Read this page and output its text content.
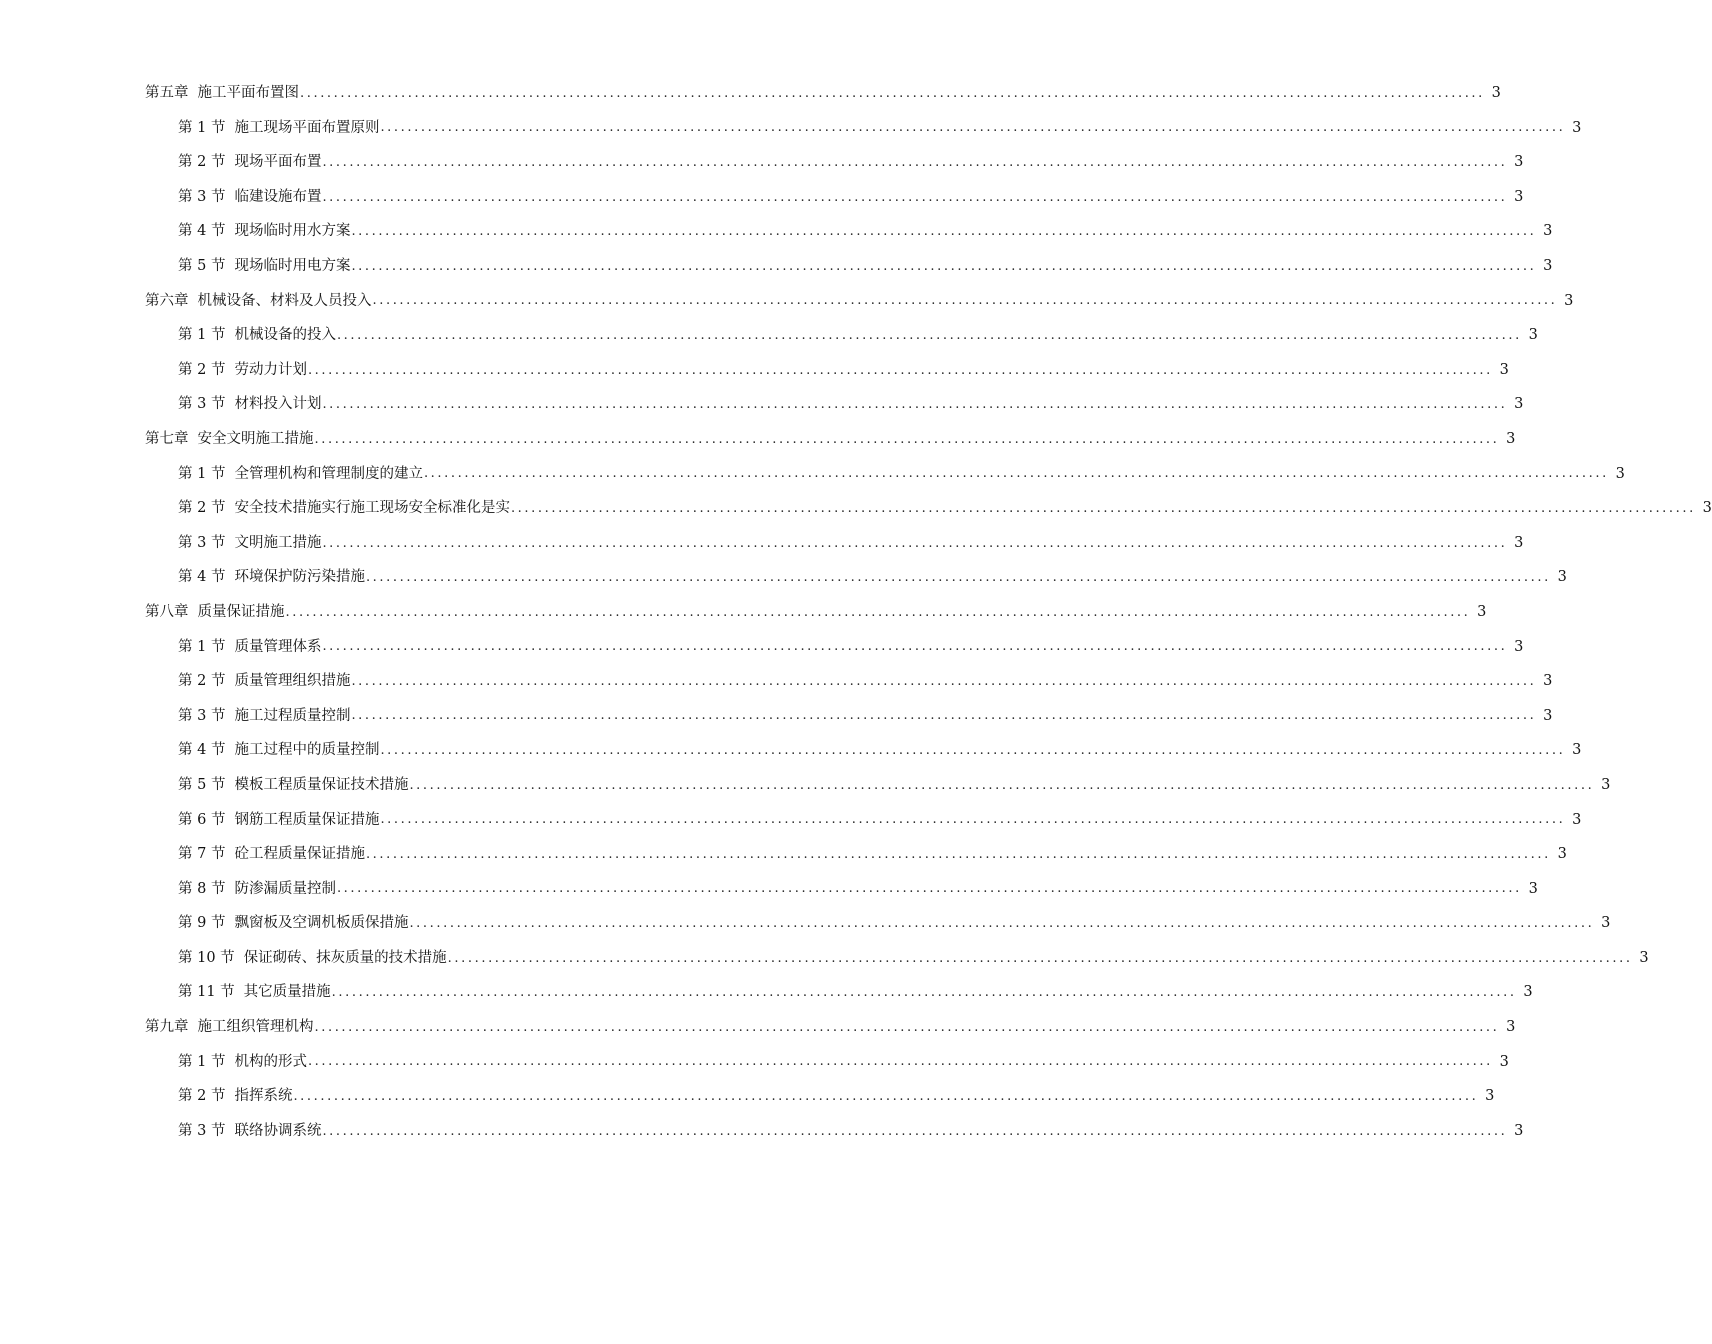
第五章 施工平面布置图 ................................................................................................................................................................................ 3
第 1 节 施工现场平面布置原则 ................................................................................................................................................................................ 3
第 2 节 现场平面布置 ................................................................................................................................................................................ 3
第 3 节 临建设施布置 ................................................................................................................................................................................ 3
第 4 节 现场临时用水方案 ................................................................................................................................................................................ 3
第 5 节 现场临时用电方案 ................................................................................................................................................................................ 3
第六章 机械设备、材料及人员投入 ................................................................................................................................................................................ 3
第 1 节 机械设备的投入 ................................................................................................................................................................................ 3
第 2 节 劳动力计划 ................................................................................................................................................................................ 3
第 3 节 材料投入计划 ................................................................................................................................................................................ 3
第七章 安全文明施工措施 ................................................................................................................................................................................ 3
第 1 节 全管理机构和管理制度的建立 ................................................................................................................................................................................ 3
第 2 节 安全技术措施实行施工现场安全标准化是实 ................................................................................................................................................................................ 3
第 3 节 文明施工措施 ................................................................................................................................................................................ 3
第 4 节 环境保护防污染措施 ................................................................................................................................................................................ 3
第八章 质量保证措施 ................................................................................................................................................................................ 3
第 1 节 质量管理体系 ................................................................................................................................................................................ 3
第 2 节 质量管理组织措施 ................................................................................................................................................................................ 3
第 3 节 施工过程质量控制 ................................................................................................................................................................................ 3
第 4 节 施工过程中的质量控制 ................................................................................................................................................................................ 3
第 5 节 模板工程质量保证技术措施 ................................................................................................................................................................................ 3
第 6 节 钢筋工程质量保证措施 ................................................................................................................................................................................ 3
第 7 节 砼工程质量保证措施 ................................................................................................................................................................................ 3
第 8 节 防渗漏质量控制 ................................................................................................................................................................................ 3
第 9 节 飘窗板及空调机板质保措施 ................................................................................................................................................................................ 3
第 10 节 保证砌砖、抹灰质量的技术措施 ................................................................................................................................................................................ 3
第 11 节 其它质量措施 ................................................................................................................................................................................ 3
第九章 施工组织管理机构 ................................................................................................................................................................................ 3
第 1 节 机构的形式 ................................................................................................................................................................................ 3
第 2 节 指挥系统 ................................................................................................................................................................................ 3
第 3 节 联络协调系统 ................................................................................................................................................................................ 3
